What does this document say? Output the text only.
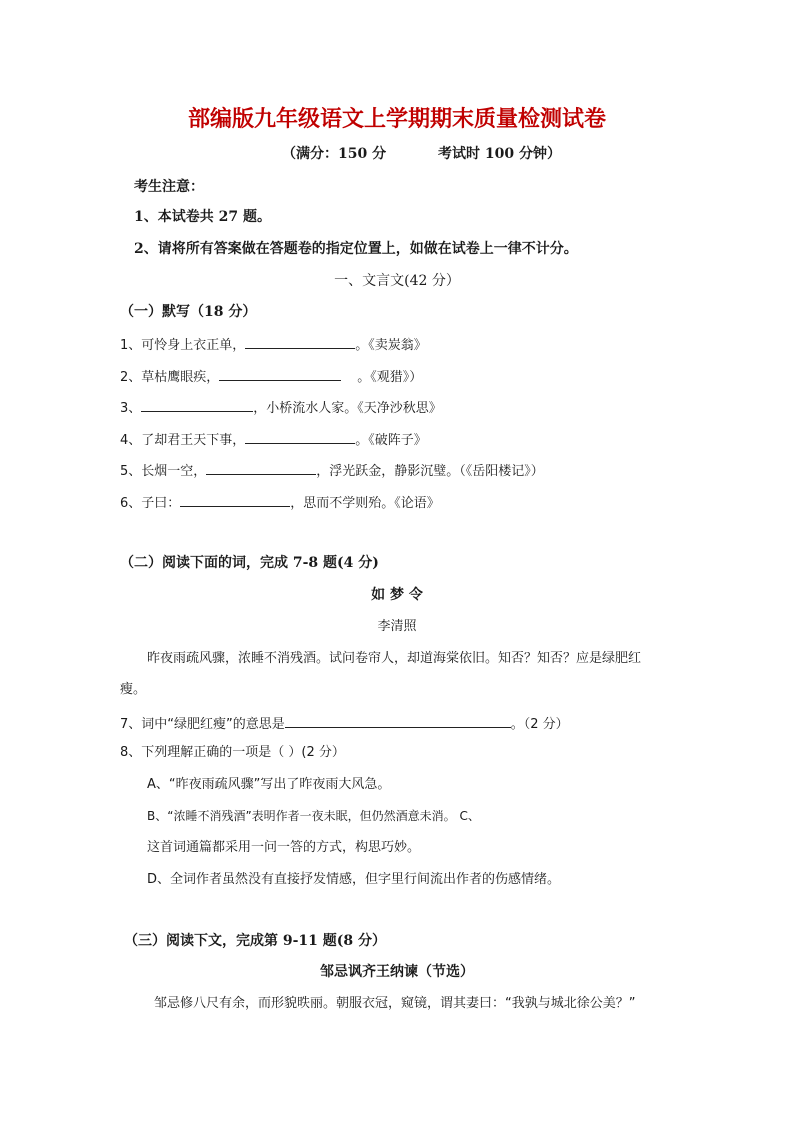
部编版九年级语文上学期期末质量检测试卷
（满分：150 分	考试时 100 分钟）
考生注意：
1、本试卷共 27 题。
2、请将所有答案做在答题卷的指定位置上，如做在试卷上一律不计分。
一、文言文(42 分）
（一）默写（18 分）
1、可怜身上衣正单，	。《卖炭翁》
2、草枯鹰眼疾，	。《观猎》）
3、	，小桥流水人家。《天净沙秋思》
4、了却君王天下事，	。《破阵子》
5、长烟一空，	，浮光跃金，静影沉璧。（《岳阳楼记》）
6、子曰：	，思而不学则殆。《论语》
（二）阅读下面的词，完成 7-8 题(4 分)
如 梦 令
李清照
昨夜雨疏风骤，浓睡不消残酒。试问卷帘人，却道海棠依旧。知否？知否？应是绿肥红
瘦。
7、词中“绿肥红瘦”的意思是	。（2 分）
8、下列理解正确的一项是（ ）(2 分）
A、“昨夜雨疏风骤”写出了昨夜雨大风急。
B、“浓睡不消残酒”表明作者一夜未眠，但仍然酒意未消。 C、
这首词通篇都采用一问一答的方式，构思巧妙。
D、全词作者虽然没有直接抒发情感，但字里行间流出作者的伤感情绪。
（三）阅读下文，完成第 9-11 题(8 分）
邹忌讽齐王纳谏（节选）
邹忌修八尺有余，而形貌昳丽。朝服衣冠，窥镜，谓其妻曰：“我孰与城北徐公美？”
